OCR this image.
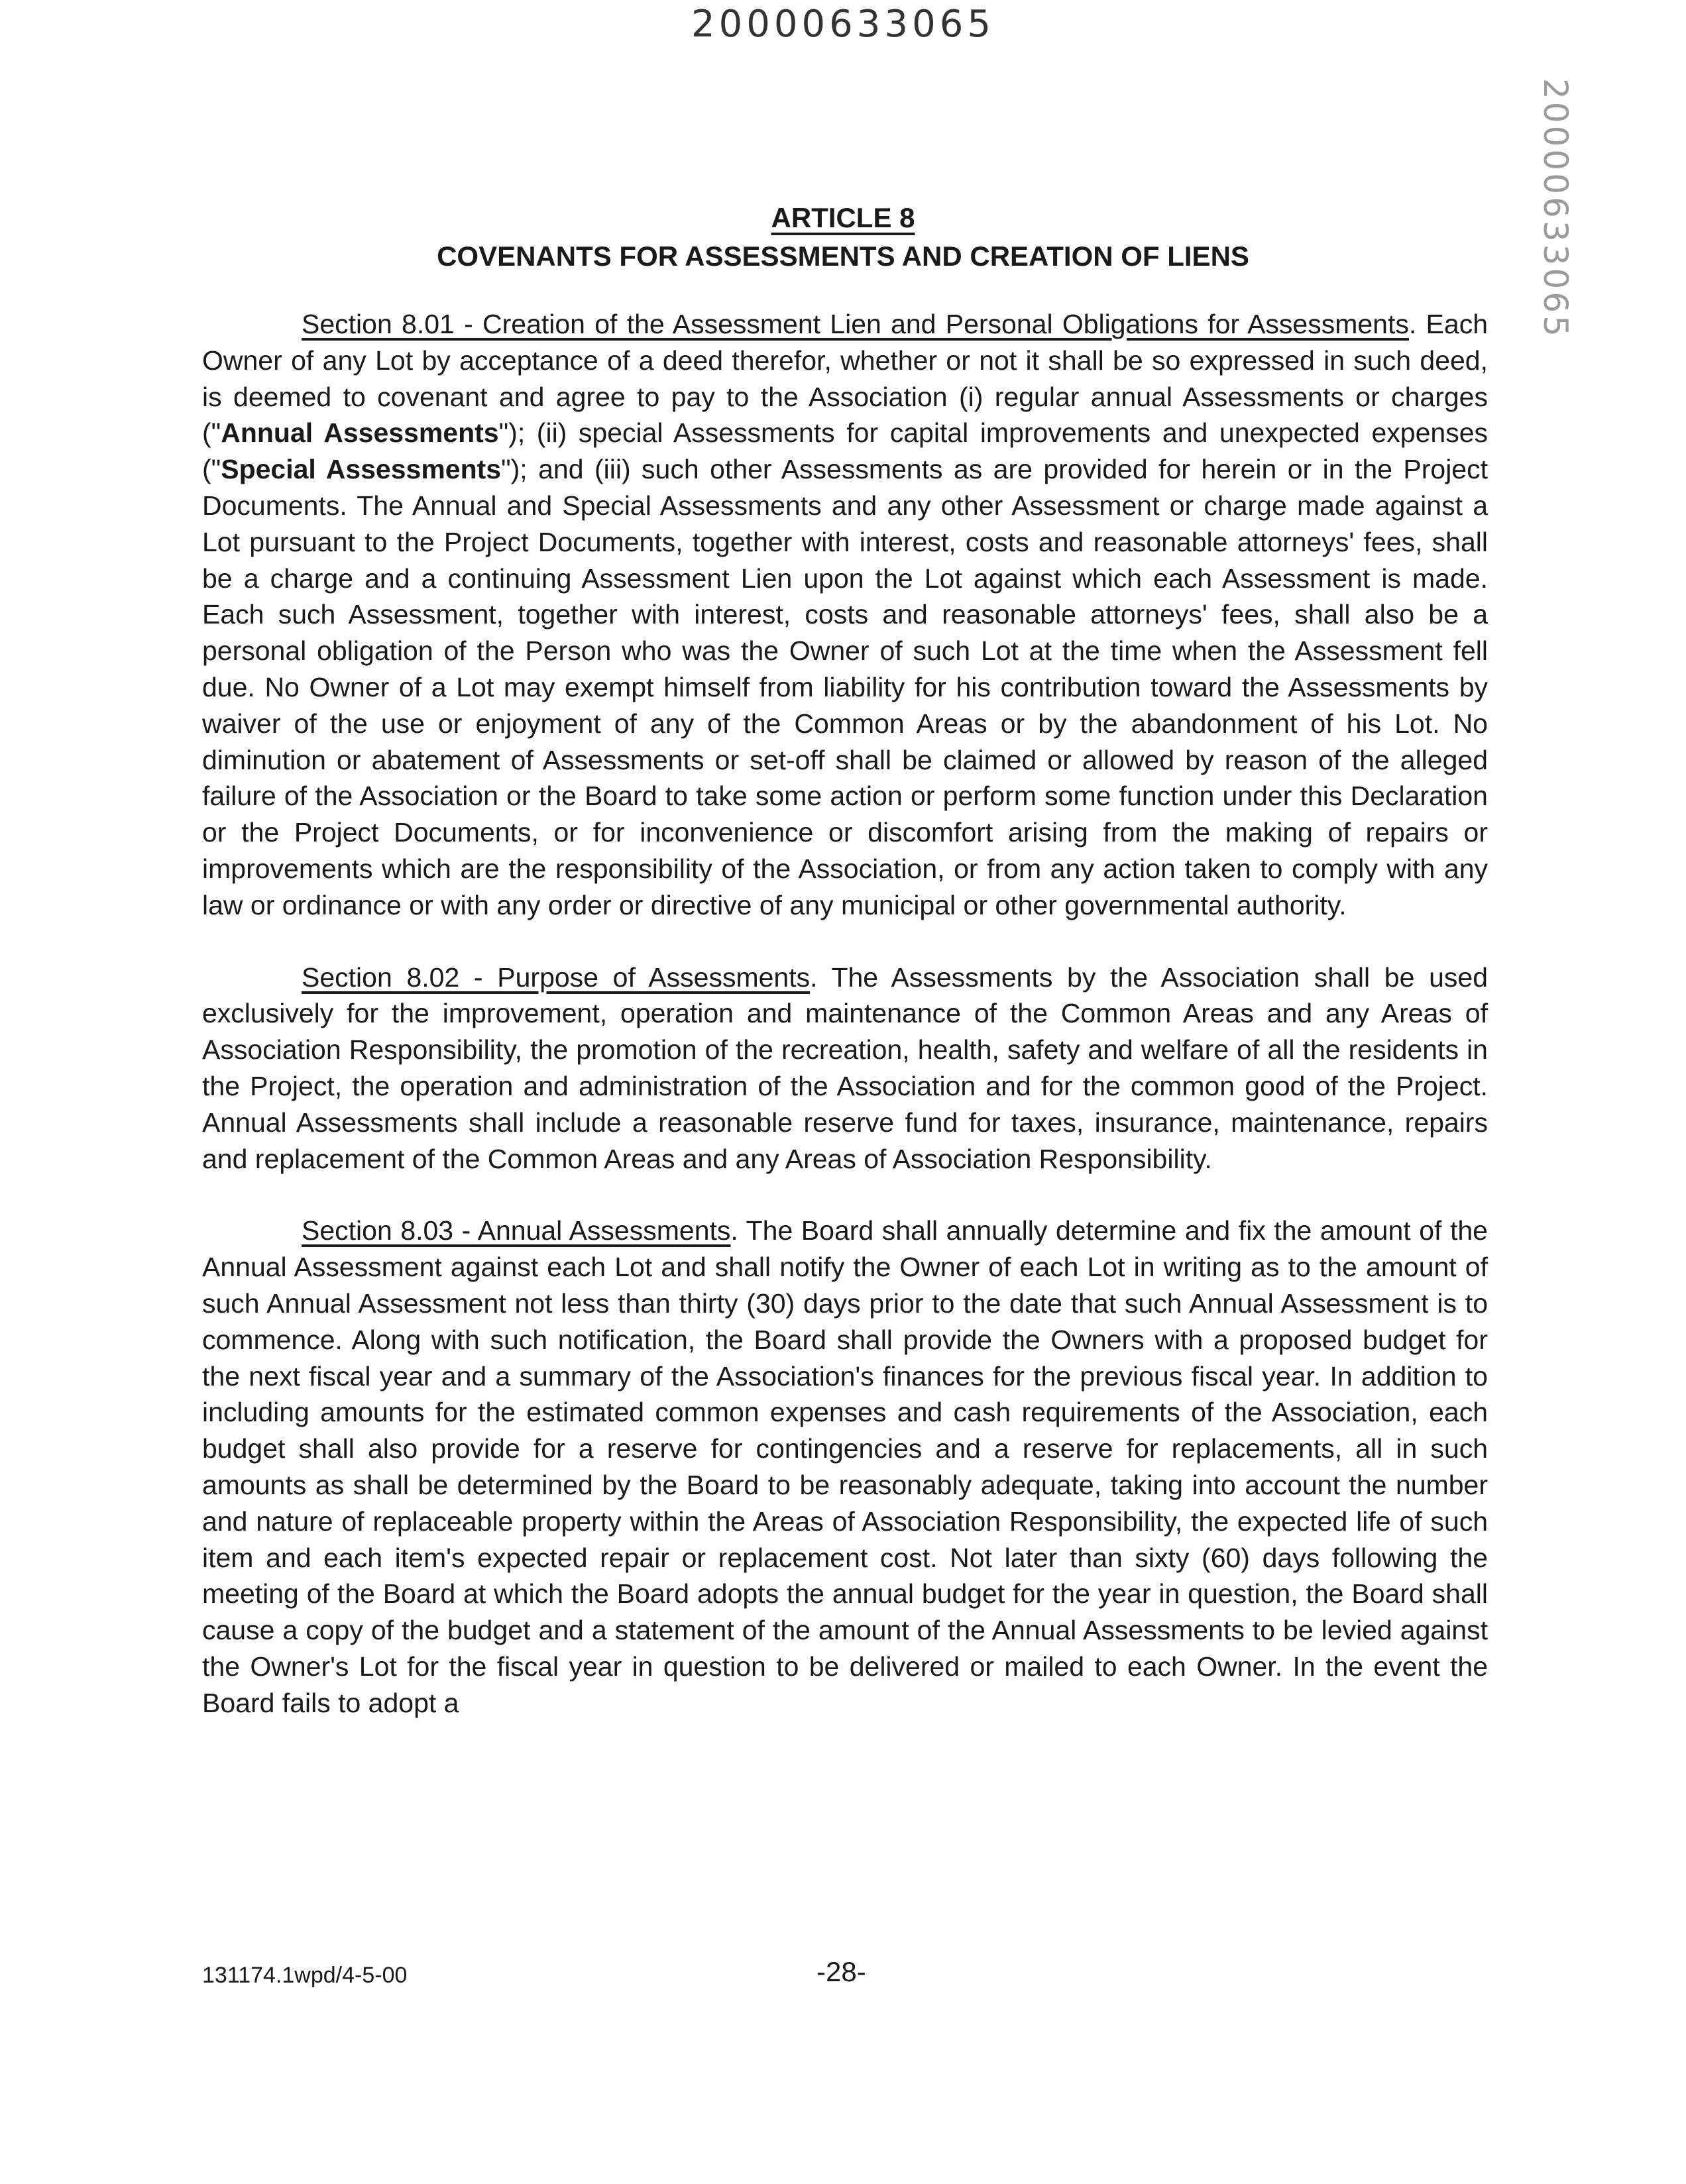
20000633065
20000633065
ARTICLE 8
COVENANTS FOR ASSESSMENTS AND CREATION OF LIENS

Section 8.01 - Creation of the Assessment Lien and Personal Obligations for Assessments. Each Owner of any Lot by acceptance of a deed therefor, whether or not it shall be so expressed in such deed, is deemed to covenant and agree to pay to the Association (i) regular annual Assessments or charges ("Annual Assessments"); (ii) special Assessments for capital improvements and unexpected expenses ("Special Assessments"); and (iii) such other Assessments as are provided for herein or in the Project Documents. The Annual and Special Assessments and any other Assessment or charge made against a Lot pursuant to the Project Documents, together with interest, costs and reasonable attorneys' fees, shall be a charge and a continuing Assessment Lien upon the Lot against which each Assessment is made. Each such Assessment, together with interest, costs and reasonable attorneys' fees, shall also be a personal obligation of the Person who was the Owner of such Lot at the time when the Assessment fell due. No Owner of a Lot may exempt himself from liability for his contribution toward the Assessments by waiver of the use or enjoyment of any of the Common Areas or by the abandonment of his Lot. No diminution or abatement of Assessments or set-off shall be claimed or allowed by reason of the alleged failure of the Association or the Board to take some action or perform some function under this Declaration or the Project Documents, or for inconvenience or discomfort arising from the making of repairs or improvements which are the responsibility of the Association, or from any action taken to comply with any law or ordinance or with any order or directive of any municipal or other governmental authority.

Section 8.02 - Purpose of Assessments. The Assessments by the Association shall be used exclusively for the improvement, operation and maintenance of the Common Areas and any Areas of Association Responsibility, the promotion of the recreation, health, safety and welfare of all the residents in the Project, the operation and administration of the Association and for the common good of the Project. Annual Assessments shall include a reasonable reserve fund for taxes, insurance, maintenance, repairs and replacement of the Common Areas and any Areas of Association Responsibility.

Section 8.03 - Annual Assessments. The Board shall annually determine and fix the amount of the Annual Assessment against each Lot and shall notify the Owner of each Lot in writing as to the amount of such Annual Assessment not less than thirty (30) days prior to the date that such Annual Assessment is to commence. Along with such notification, the Board shall provide the Owners with a proposed budget for the next fiscal year and a summary of the Association's finances for the previous fiscal year. In addition to including amounts for the estimated common expenses and cash requirements of the Association, each budget shall also provide for a reserve for contingencies and a reserve for replacements, all in such amounts as shall be determined by the Board to be reasonably adequate, taking into account the number and nature of replaceable property within the Areas of Association Responsibility, the expected life of such item and each item's expected repair or replacement cost. Not later than sixty (60) days following the meeting of the Board at which the Board adopts the annual budget for the year in question, the Board shall cause a copy of the budget and a statement of the amount of the Annual Assessments to be levied against the Owner's Lot for the fiscal year in question to be delivered or mailed to each Owner. In the event the Board fails to adopt a

131174.1wpd/4-5-00	-28-
